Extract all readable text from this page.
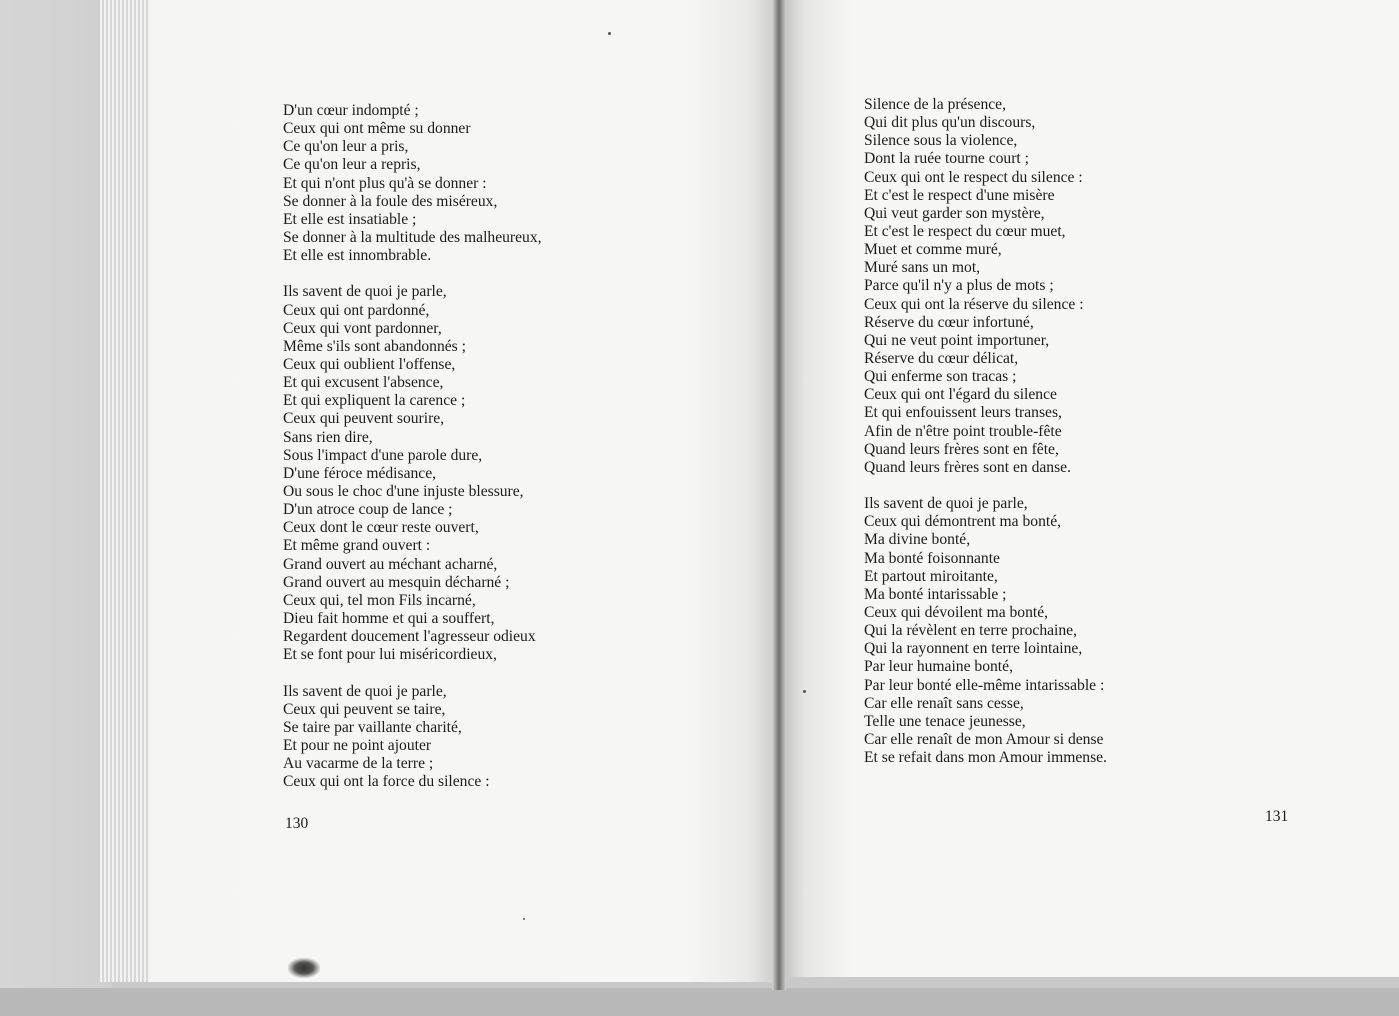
D'un cœur indompté ;
Ceux qui ont même su donner
Ce qu'on leur a pris,
Ce qu'on leur a repris,
Et qui n'ont plus qu'à se donner :
Se donner à la foule des miséreux,
Et elle est insatiable ;
Se donner à la multitude des malheureux,
Et elle est innombrable.
Ils savent de quoi je parle,
Ceux qui ont pardonné,
Ceux qui vont pardonner,
Même s'ils sont abandonnés ;
Ceux qui oublient l'offense,
Et qui excusent l'absence,
Et qui expliquent la carence ;
Ceux qui peuvent sourire,
Sans rien dire,
Sous l'impact d'une parole dure,
D'une féroce médisance,
Ou sous le choc d'une injuste blessure,
D'un atroce coup de lance ;
Ceux dont le cœur reste ouvert,
Et même grand ouvert :
Grand ouvert au méchant acharné,
Grand ouvert au mesquin décharné ;
Ceux qui, tel mon Fils incarné,
Dieu fait homme et qui a souffert,
Regardent doucement l'agresseur odieux
Et se font pour lui miséricordieux,
Ils savent de quoi je parle,
Ceux qui peuvent se taire,
Se taire par vaillante charité,
Et pour ne point ajouter
Au vacarme de la terre ;
Ceux qui ont la force du silence :
130
Silence de la présence,
Qui dit plus qu'un discours,
Silence sous la violence,
Dont la ruée tourne court ;
Ceux qui ont le respect du silence :
Et c'est le respect d'une misère
Qui veut garder son mystère,
Et c'est le respect du cœur muet,
Muet et comme muré,
Muré sans un mot,
Parce qu'il n'y a plus de mots ;
Ceux qui ont la réserve du silence :
Réserve du cœur infortuné,
Qui ne veut point importuner,
Réserve du cœur délicat,
Qui enferme son tracas ;
Ceux qui ont l'égard du silence
Et qui enfouissent leurs transes,
Afin de n'être point trouble-fête
Quand leurs frères sont en fête,
Quand leurs frères sont en danse.
Ils savent de quoi je parle,
Ceux qui démontrent ma bonté,
Ma divine bonté,
Ma bonté foisonnante
Et partout miroitante,
Ma bonté intarissable ;
Ceux qui dévoilent ma bonté,
Qui la révèlent en terre prochaine,
Qui la rayonnent en terre lointaine,
Par leur humaine bonté,
Par leur bonté elle-même intarissable :
Car elle renaît sans cesse,
Telle une tenace jeunesse,
Car elle renaît de mon Amour si dense
Et se refait dans mon Amour immense.
131
